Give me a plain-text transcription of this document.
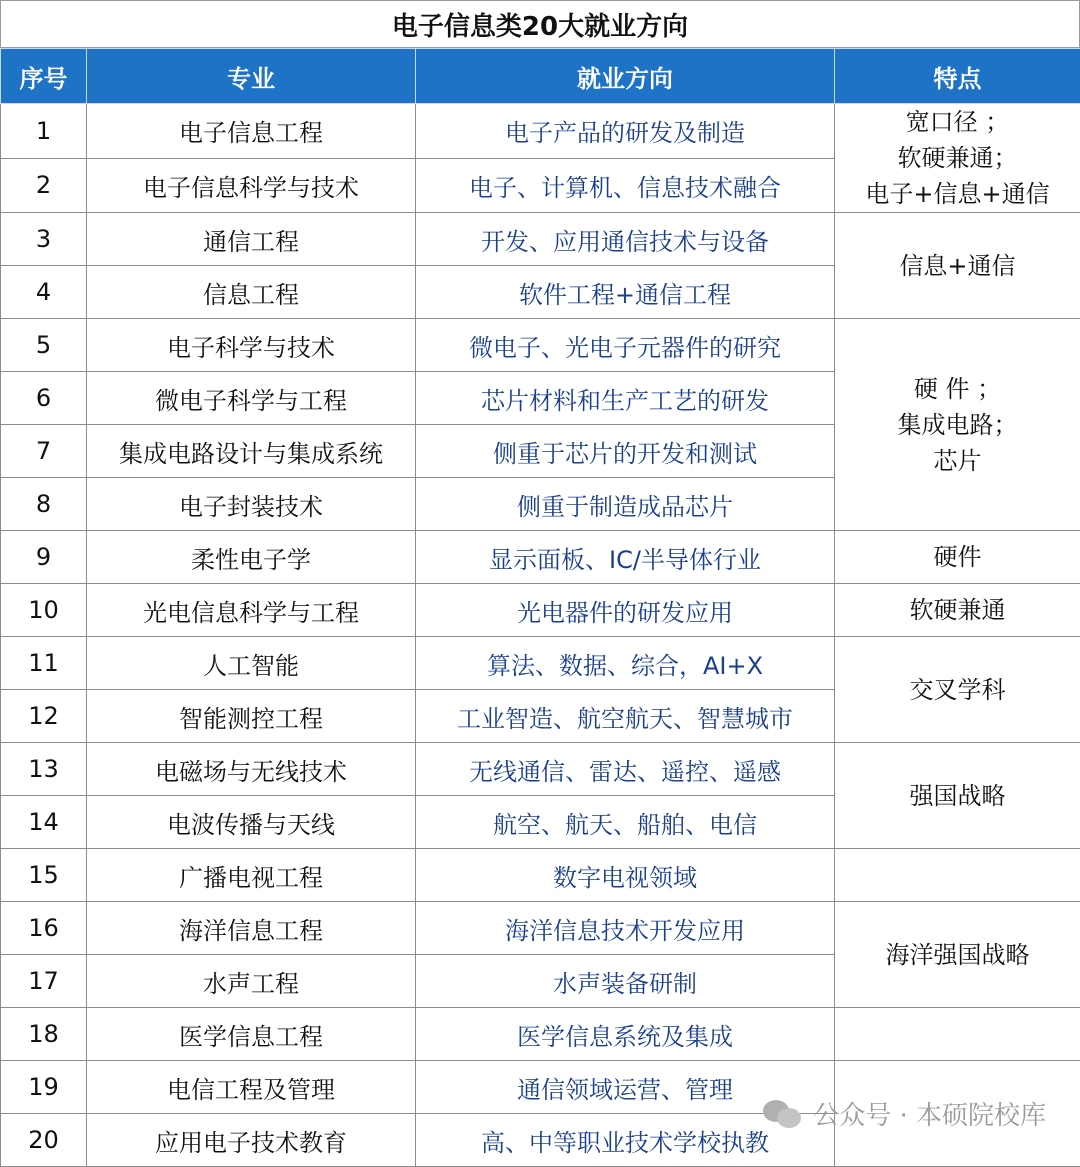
电子信息类20大就业方向
序号	专业	就业方向	特点
1	电子信息工程	电子产品的研发及制造	宽口径 ；
软硬兼通；
电子+信息+通信

2	电子信息科学与技术	电子、计算机、信息技术融合	
3	通信工程	开发、应用通信技术与设备	信息+通信

4	信息工程	软件工程+通信工程	
5	电子科学与技术	微电子、光电子元器件的研究	硬 件 ；
集成电路；
芯片

6	微电子科学与工程	芯片材料和生产工艺的研发	
7	集成电路设计与集成系统	侧重于芯片的开发和测试	
8	电子封装技术	侧重于制造成品芯片	
9	柔性电子学	显示面板、IC/半导体行业	硬件

10	光电信息科学与工程	光电器件的研发应用	软硬兼通

11	人工智能	算法、数据、综合，AI+X	交叉学科

12	智能测控工程	工业智造、航空航天、智慧城市	
13	电磁场与无线技术	无线通信、雷达、遥控、遥感	强国战略

14	电波传播与天线	航空、航天、船舶、电信	
15	广播电视工程	数字电视领域	

16	海洋信息工程	海洋信息技术开发应用	海洋强国战略

17	水声工程	水声装备研制	
18	医学信息工程	医学信息系统及集成	

19	电信工程及管理	通信领域运营、管理	

20	应用电子技术教育	高、中等职业技术学校执教	
公众号 · 本硕院校库
